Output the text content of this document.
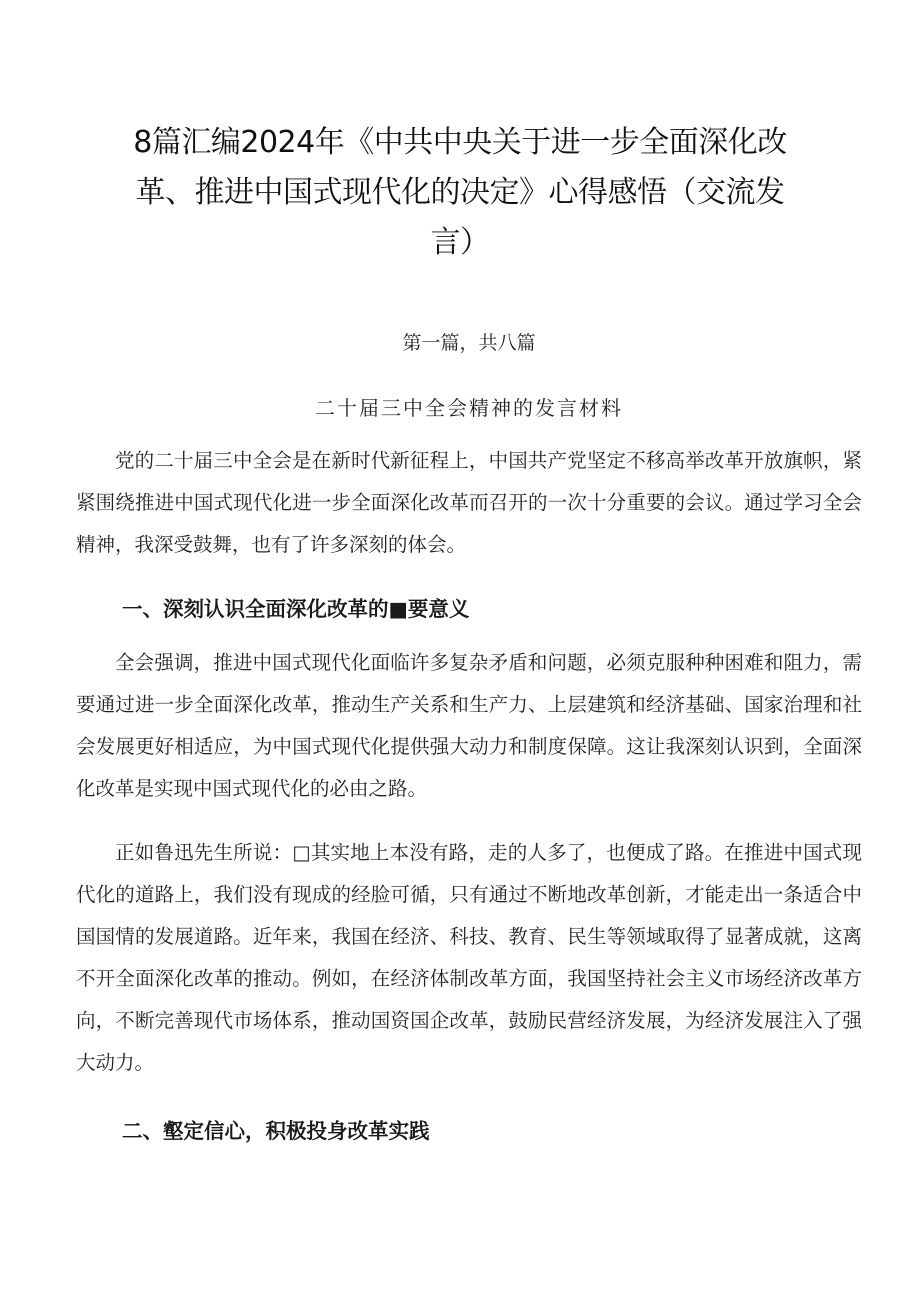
8篇汇编2024年《中共中央关于进一步全面深化改革、推进中国式现代化的决定》心得感悟（交流发言）
第一篇，共八篇
二十届三中全会精神的发言材料

党的二十届三中全会是在新时代新征程上，中国共产党坚定不移高举改革开放旗帜，紧紧围绕推进中国式现代化进一步全面深化改革而召开的一次十分重要的会议。通过学习全会精神，我深受鼓舞，也有了许多深刻的体会。

一、深刻认识全面深化改革的■要意义

全会强调，推进中国式现代化面临许多复杂矛盾和问题，必须克服种种困难和阻力，需要通过进一步全面深化改革，推动生产关系和生产力、上层建筑和经济基础、国家治理和社会发展更好相适应，为中国式现代化提供强大动力和制度保障。这让我深刻认识到，全面深化改革是实现中国式现代化的必由之路。

正如鲁迅先生所说：□其实地上本没有路，走的人多了，也便成了路。在推进中国式现代化的道路上，我们没有现成的经脸可循，只有通过不断地改革创新，才能走出一条适合中国国情的发展道路。近年来，我国在经济、科技、教育、民生等领域取得了显著成就，这离不开全面深化改革的推动。例如，在经济体制改革方面，我国坚持社会主义市场经济改革方向，不断完善现代市场体系，推动国资国企改革，鼓励民营经济发展，为经济发展注入了强大动力。

二、壑定信心，积极投身改革实践
